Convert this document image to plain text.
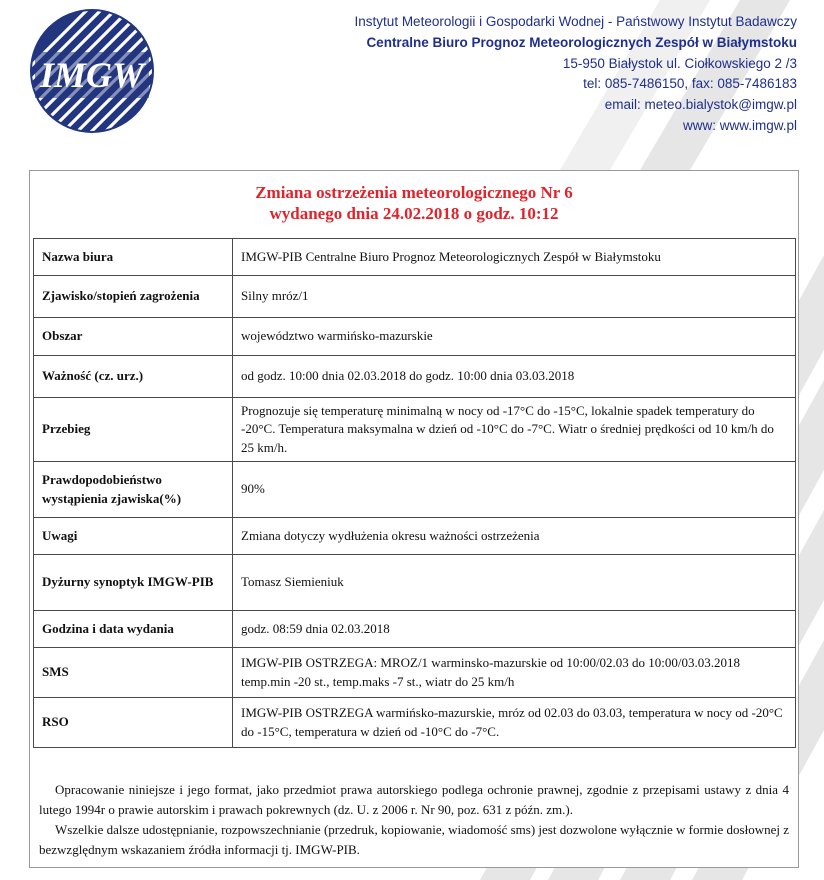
IMGW
Instytut Meteorologii i Gospodarki Wodnej - Państwowy Instytut Badawczy
Centralne Biuro Prognoz Meteorologicznych Zespół w Białymstoku
15-950 Białystok ul. Ciołkowskiego 2 /3
tel: 085-7486150, fax: 085-7486183
email: meteo.bialystok@imgw.pl
www: www.imgw.pl
Zmiana ostrzeżenia meteorologicznego Nr 6
wydanego dnia 24.02.2018 o godz. 10:12
Nazwa biura	IMGW-PIB Centralne Biuro Prognoz Meteorologicznych Zespół w Białymstoku
Zjawisko/stopień zagrożenia	Silny mróz/1
Obszar	województwo warmińsko-mazurskie
Ważność (cz. urz.)	od godz. 10:00 dnia 02.03.2018 do godz. 10:00 dnia 03.03.2018
Przebieg	Prognozuje się temperaturę minimalną w nocy od -17°C do -15°C, lokalnie spadek temperatury do -20°C. Temperatura maksymalna w dzień od -10°C do -7°C. Wiatr o średniej prędkości od 10 km/h do 25 km/h.
Prawdopodobieństwo wystąpienia zjawiska(%)	90%
Uwagi	Zmiana dotyczy wydłużenia okresu ważności ostrzeżenia
Dyżurny synoptyk IMGW-PIB	Tomasz Siemieniuk
Godzina i data wydania	godz. 08:59 dnia 02.03.2018
SMS	IMGW-PIB OSTRZEGA: MROZ/1 warminsko-mazurskie od 10:00/02.03 do 10:00/03.03.2018 temp.min -20 st., temp.maks -7 st., wiatr do 25 km/h
RSO	IMGW-PIB OSTRZEGA warmińsko-mazurskie, mróz od 02.03 do 03.03, temperatura w nocy od -20°C do -15°C, temperatura w dzień od -10°C do -7°C.

Opracowanie niniejsze i jego format, jako przedmiot prawa autorskiego podlega ochronie prawnej, zgodnie z przepisami ustawy z dnia 4 lutego 1994r o prawie autorskim i prawach pokrewnych (dz. U. z 2006 r. Nr 90, poz. 631 z późn. zm.).

Wszelkie dalsze udostępnianie, rozpowszechnianie (przedruk, kopiowanie, wiadomość sms) jest dozwolone wyłącznie w formie dosłownej z bezwzględnym wskazaniem źródła informacji tj. IMGW-PIB.
